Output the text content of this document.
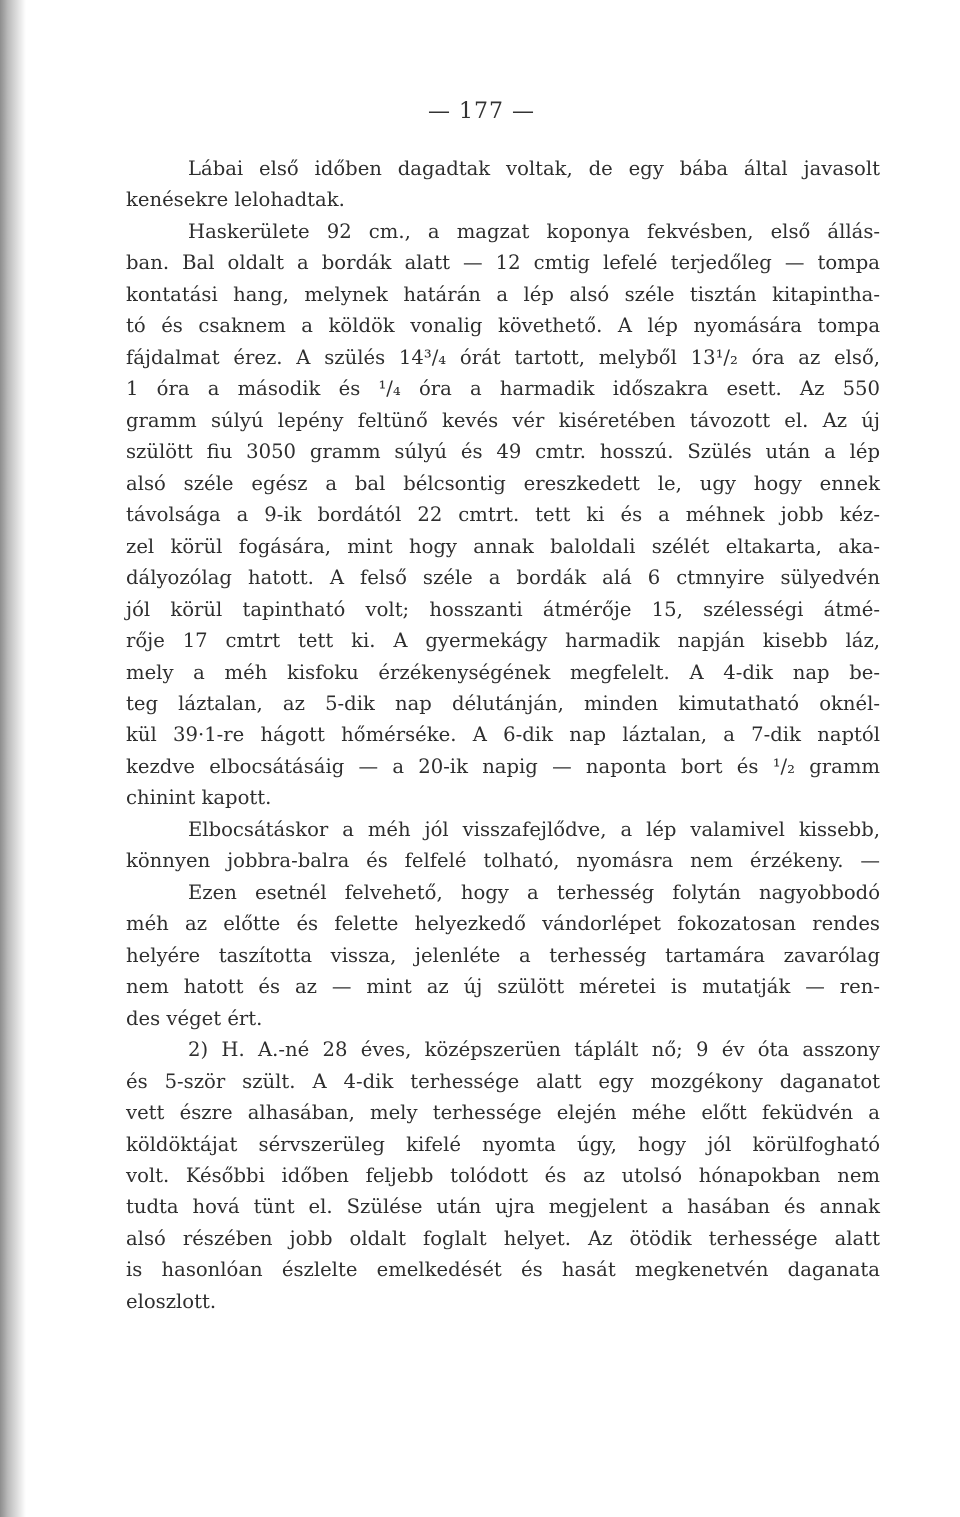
— 177 —
Lábai első időben dagadtak voltak, de egy bába által javasolt
kenésekre lelohadtak.
Haskerülete 92 cm., a magzat koponya fekvésben, első állás-
ban. Bal oldalt a bordák alatt — 12 cmtig lefelé terjedőleg — tompa
kontatási hang, melynek határán a lép alsó széle tisztán kitapintha-
tó és csaknem a köldök vonalig követhető. A lép nyomására tompa
fájdalmat érez. A szülés 14³/₄ órát tartott, melyből 13¹/₂ óra az első,
1 óra a második és ¹/₄ óra a harmadik időszakra esett. Az 550
gramm súlyú lepény feltünő kevés vér kiséretében távozott el. Az új
szülött fiu 3050 gramm súlyú és 49 cmtr. hosszú. Szülés után a lép
alsó széle egész a bal bélcsontig ereszkedett le, ugy hogy ennek
távolsága a 9-ik bordától 22 cmtrt. tett ki és a méhnek jobb kéz-
zel körül fogására, mint hogy annak baloldali szélét eltakarta, aka-
dályozólag hatott. A felső széle a bordák alá 6 ctmnyire sülyedvén
jól körül tapintható volt; hosszanti átmérője 15, szélességi átmé-
rője 17 cmtrt tett ki. A gyermekágy harmadik napján kisebb láz,
mely a méh kisfoku érzékenységének megfelelt. A 4-dik nap be-
teg láztalan, az 5-dik nap délutánján, minden kimutatható oknél-
kül 39·1-re hágott hőmérséke. A 6-dik nap láztalan, a 7-dik naptól
kezdve elbocsátásáig — a 20-ik napig — naponta bort és ¹/₂ gramm
chinint kapott.
Elbocsátáskor a méh jól visszafejlődve, a lép valamivel kissebb,
könnyen jobbra-balra és felfelé tolható, nyomásra nem érzékeny. —
Ezen esetnél felvehető, hogy a terhesség folytán nagyobbodó
méh az előtte és felette helyezkedő vándorlépet fokozatosan rendes
helyére taszította vissza, jelenléte a terhesség tartamára zavarólag
nem hatott és az — mint az új szülött méretei is mutatják — ren-
des véget ért.
2) H. A.-né 28 éves, középszerüen táplált nő; 9 év óta asszony
és 5-ször szült. A 4-dik terhessége alatt egy mozgékony daganatot
vett észre alhasában, mely terhessége elején méhe előtt feküdvén a
köldöktájat sérvszerüleg kifelé nyomta úgy, hogy jól körülfogható
volt. Későbbi időben feljebb tolódott és az utolsó hónapokban nem
tudta hová tünt el. Szülése után ujra megjelent a hasában és annak
alsó részében jobb oldalt foglalt helyet. Az ötödik terhessége alatt
is hasonlóan észlelte emelkedését és hasát megkenetvén daganata
eloszlott.
